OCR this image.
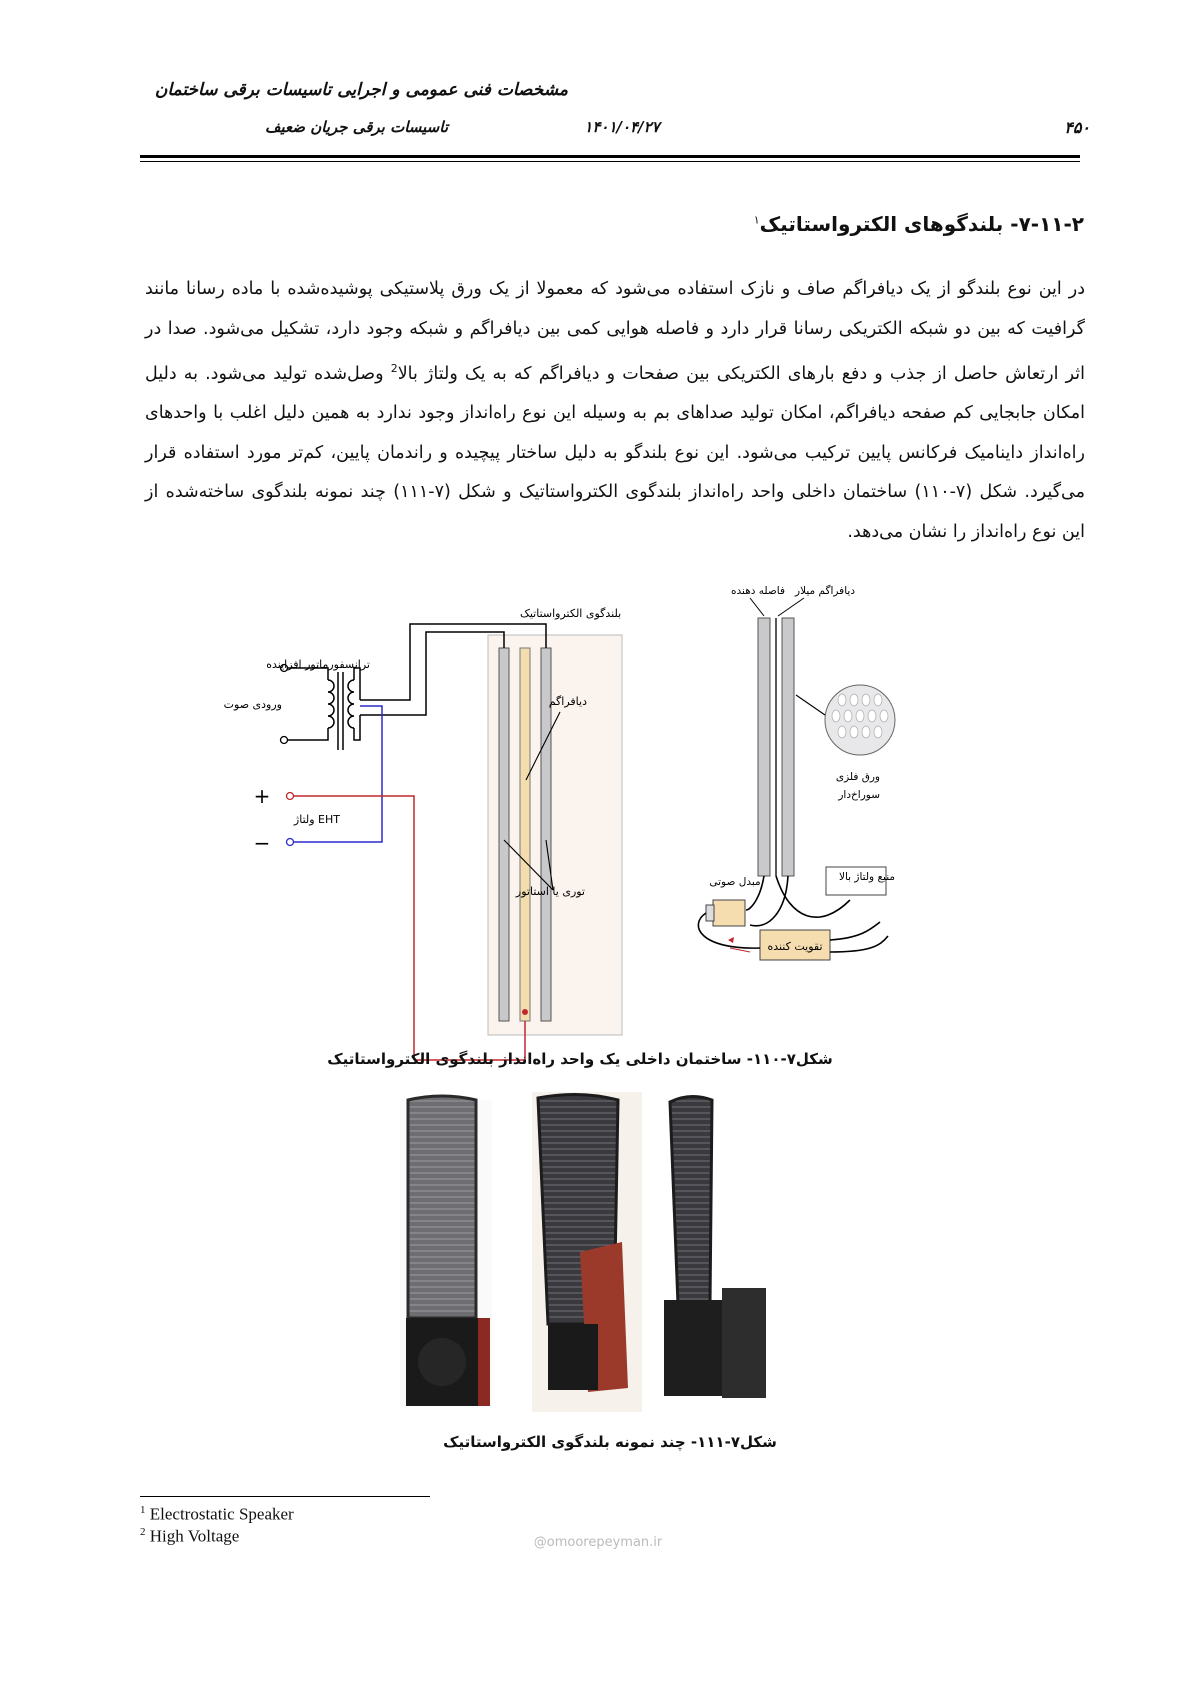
مشخصات فنی عمومی و اجرایی تاسیسات برقی ساختمان
تاسیسات برقی جریان ضعیف	۱۴۰۱/۰۴/۲۷	۴۵۰
۷-۱۱-۲- بلندگوهای الکترواستاتیک$^۱$
در این نوع بلندگو از یک دیافراگم صاف و نازک استفاده می‌شود که معمولا از یک ورق پلاستیکی پوشیده‌شده با ماده رسانا مانند گرافیت که بین دو شبکه الکتریکی رسانا قرار دارد و فاصله هوایی کمی بین دیافراگم و شبکه وجود دارد، تشکیل می‌شود. صدا در اثر ارتعاش حاصل از جذب و دفع بارهای الکتریکی بین صفحات و دیافراگم که به یک ولتاژ بالا$^2$ وصل‌شده تولید می‌شود. به دلیل امکان جابجایی کم صفحه دیافراگم، امکان تولید صداهای بم به وسیله این نوع راه‌انداز وجود ندارد به همین دلیل اغلب با واحدهای راه‌انداز داینامیک فرکانس پایین ترکیب می‌شود. این نوع بلندگو به دلیل ساختار پیچیده و راندمان پایین، کم‌تر مورد استفاده قرار می‌گیرد. شکل (۷-۱۱۰) ساختمان داخلی واحد راه‌انداز بلندگوی الکترواستاتیک و شکل (۷-۱۱۱) چند نمونه بلندگوی ساخته‌شده از این نوع راه‌انداز را نشان می‌دهد.
بلندگوی الکترواستاتیک
ترانسفورماتور افزاینده
ورودی صوت	دیافراگم
+
−
ولتاژ EHT
توری یا استاتور
فاصله دهنده دیافراگم میلار
ورق فلزی
سوراخ‌دار
مبدل صوتی	منبع ولتاژ بالا
تقویت کننده
شکل۷-۱۱۰- ساختمان داخلی یک واحد راه‌انداز بلندگوی الکترواستاتیک
شکل۷-۱۱۱- چند نمونه بلندگوی الکترواستاتیک
$^1$ Electrostatic Speaker
$^2$ High Voltage	@omoorepeyman.ir
